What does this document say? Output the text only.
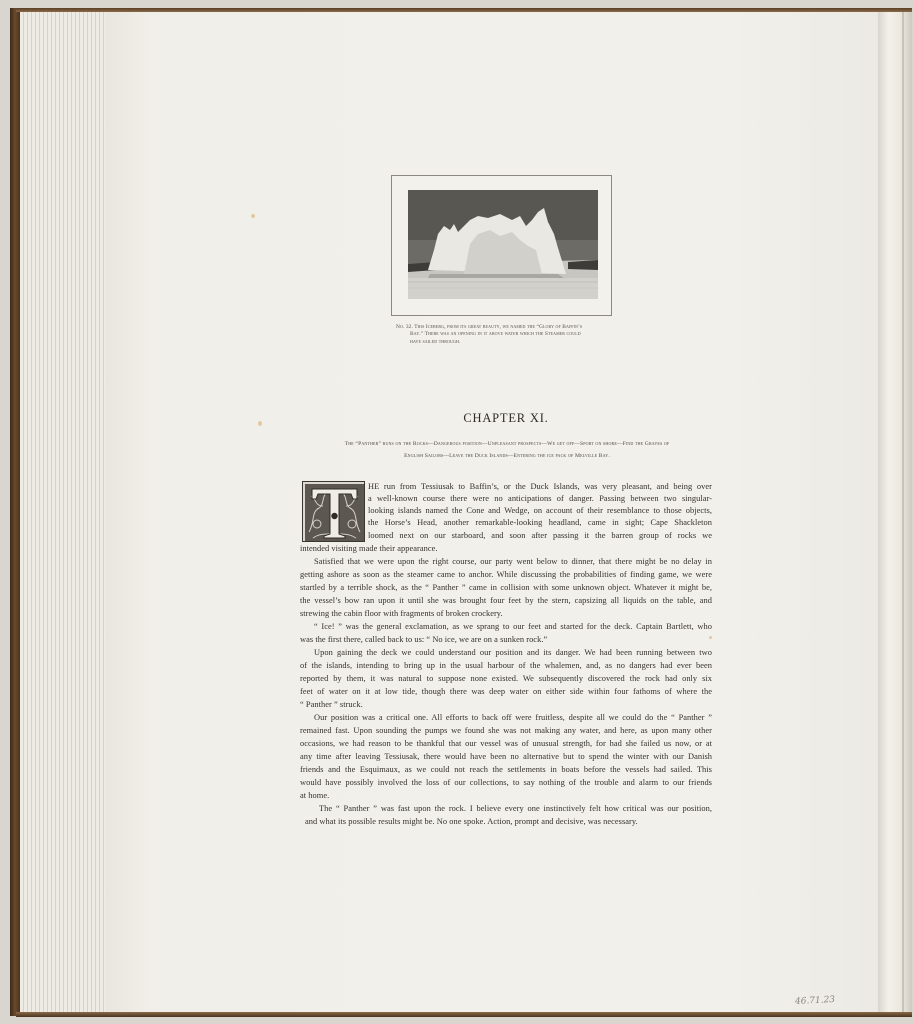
No. 32. This Iceberg, from its great beauty, we named the “Glory of Baffin’s
Bay.” There was an opening in it above water which the Steamer could
have sailed through.
CHAPTER XI.
The “Panther” runs on the Rocks—Dangerous position—Unpleasant prospects—We get off—Sport on shore—Find the Graves of
English Sailors—Leave the Duck Islands—Entering the ice pack of Melville Bay.
T
HE run from Tessiusak to Baffin’s, or the Duck Islands, was very pleasant, and being over
a well-known course there were no anticipations of danger. Passing between two singular-
looking islands named the Cone and Wedge, on account of their resemblance to those objects,
the Horse’s Head, another remarkable-looking headland, came in sight; Cape Shackleton
loomed next on our starboard, and soon after passing it the barren group of rocks we
intended visiting made their appearance.
Satisfied that we were upon the right course, our party went below to dinner, that there might be no delay in
getting ashore as soon as the steamer came to anchor. While discussing the probabilities of finding game, we were
startled by a terrible shock, as the “ Panther ” came in collision with some unknown object. Whatever it might be,
the vessel’s bow ran upon it until she was brought four feet by the stern, capsizing all liquids on the table, and
strewing the cabin floor with fragments of broken crockery.
“ Ice! ” was the general exclamation, as we sprang to our feet and started for the deck. Captain Bartlett, who
was the first there, called back to us: “ No ice, we are on a sunken rock.”
Upon gaining the deck we could understand our position and its danger. We had been running between two
of the islands, intending to bring up in the usual harbour of the whalemen, and, as no dangers had ever been
reported by them, it was natural to suppose none existed. We subsequently discovered the rock had only six
feet of water on it at low tide, though there was deep water on either side within four fathoms of where the
“ Panther ” struck.
Our position was a critical one. All efforts to back off were fruitless, despite all we could do the “ Panther ”
remained fast. Upon sounding the pumps we found she was not making any water, and here, as upon many other
occasions, we had reason to be thankful that our vessel was of unusual strength, for had she failed us now, or at
any time after leaving Tessiusak, there would have been no alternative but to spend the winter with our Danish
friends and the Esquimaux, as we could not reach the settlements in boats before the vessels had sailed. This
would have possibly involved the loss of our collections, to say nothing of the trouble and alarm to our friends
at home.
The “ Panther ” was fast upon the rock. I believe every one instinctively felt how critical was our position,
and what its possible results might be. No one spoke. Action, prompt and decisive, was necessary.
46.71.23
